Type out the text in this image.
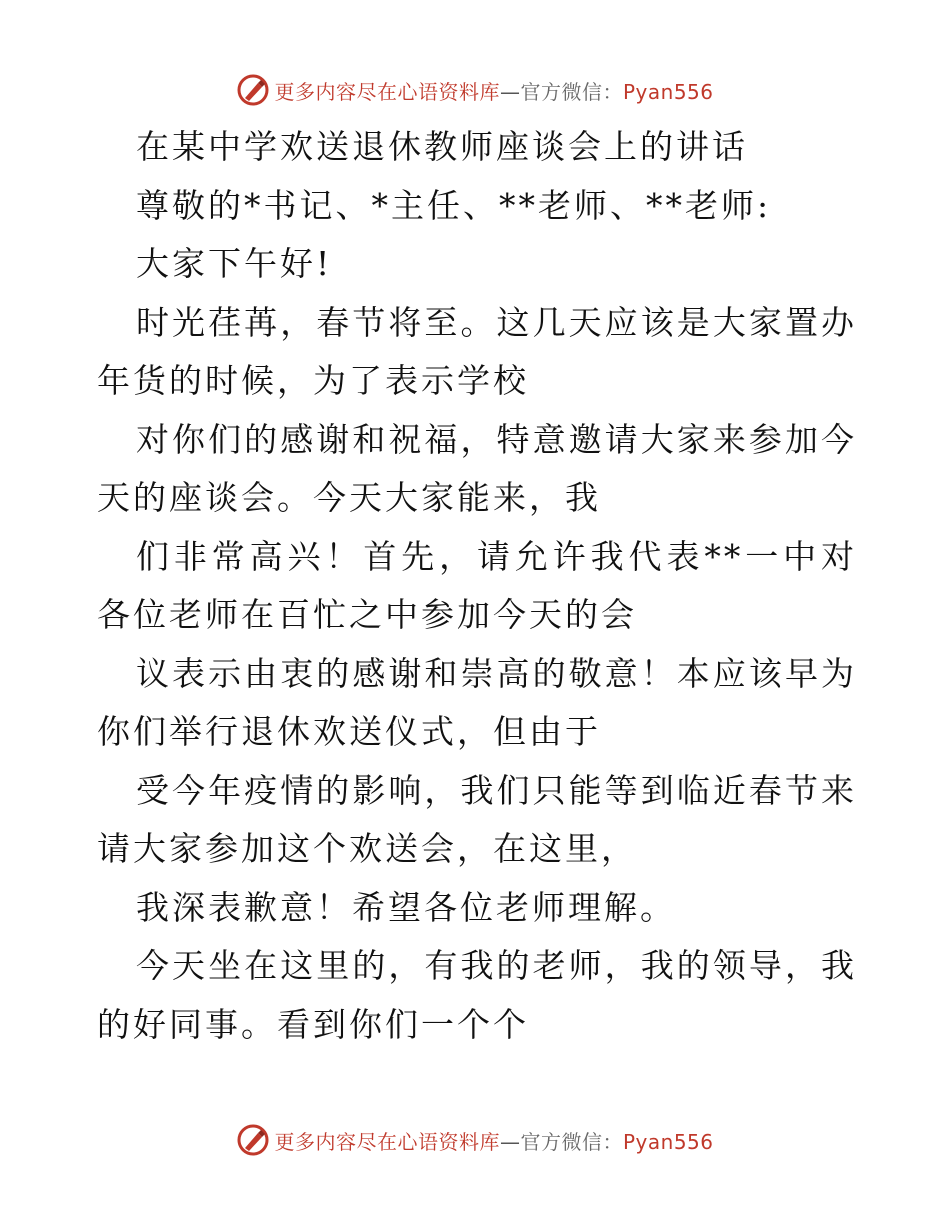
更多内容尽在心语资料库—官方微信：Pyan556

在某中学欢送退休教师座谈会上的讲话

尊敬的*书记、*主任、**老师、**老师:

大家下午好!

时光荏苒，春节将至。这几天应该是大家置办年货的时候，为了表示学校

对你们的感谢和祝福，特意邀请大家来参加今天的座谈会。今天大家能来，我

们非常高兴！首先，请允许我代表**一中对各位老师在百忙之中参加今天的会

议表示由衷的感谢和崇高的敬意！本应该早为你们举行退休欢送仪式，但由于

受今年疫情的影响，我们只能等到临近春节来请大家参加这个欢送会，在这里，

我深表歉意！希望各位老师理解。

今天坐在这里的，有我的老师，我的领导，我的好同事。看到你们一个个

更多内容尽在心语资料库—官方微信：Pyan556
